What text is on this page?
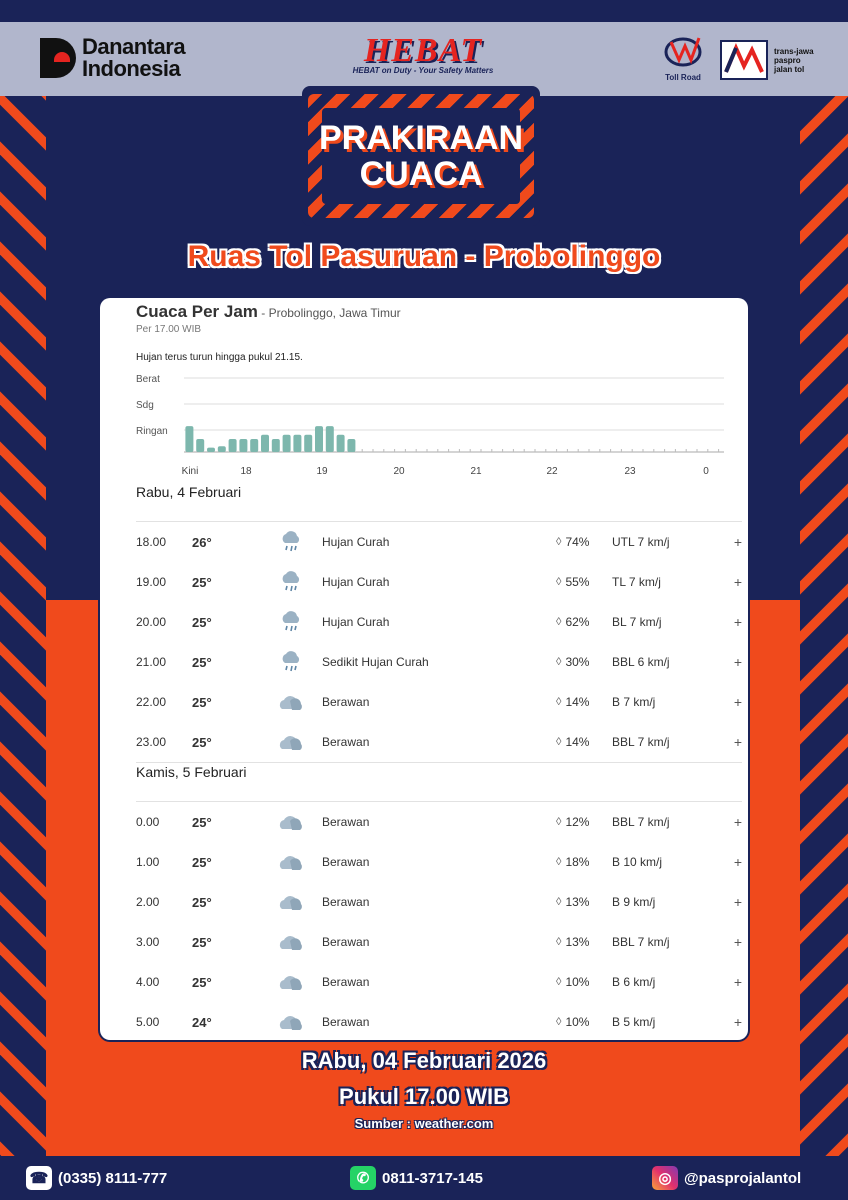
Danantara
Indonesia	HEBAT
HEBAT on Duty - Your Safety Matters
Toll Road
trans-jawa
paspro
jalan tol
PRAKIRAAN
CUACA
Ruas Tol Pasuruan - Probolinggo
Cuaca Per Jam - Probolinggo, Jawa Timur
Per 17.00 WIB
Hujan terus turun hingga pukul 21.15.
Berat
Sdg
Ringan
Kini	18	19	20	21	22	23	0
Rabu, 4 Februari
18.00	26°	Hujan Curah	◊ 74% UTL 7 km/j	+
19.00	25°	Hujan Curah	◊ 55% TL 7 km/j	+
20.00	25°	Hujan Curah	◊ 62% BL 7 km/j	+
21.00	25°	Sedikit Hujan Curah	◊ 30% BBL 6 km/j	+
22.00	25°	Berawan	◊ 14% B 7 km/j	+
23.00	25°	Berawan	◊ 14% BBL 7 km/j	+
Kamis, 5 Februari
0.00	25°	Berawan	◊ 12% BBL 7 km/j	+
1.00	25°	Berawan	◊ 18% B 10 km/j	+
2.00	25°	Berawan	◊ 13% B 9 km/j	+
3.00	25°	Berawan	◊ 13% BBL 7 km/j	+
4.00	25°	Berawan	◊ 10% B 6 km/j	+
5.00	24°	Berawan	◊ 10% B 5 km/j	+
RAbu, 04 Februari 2026
Pukul 17.00 WIB
Sumber : weather.com
☎ (0335) 8111-777	✆ 0811-3717-145	◎ @pasprojalantol
